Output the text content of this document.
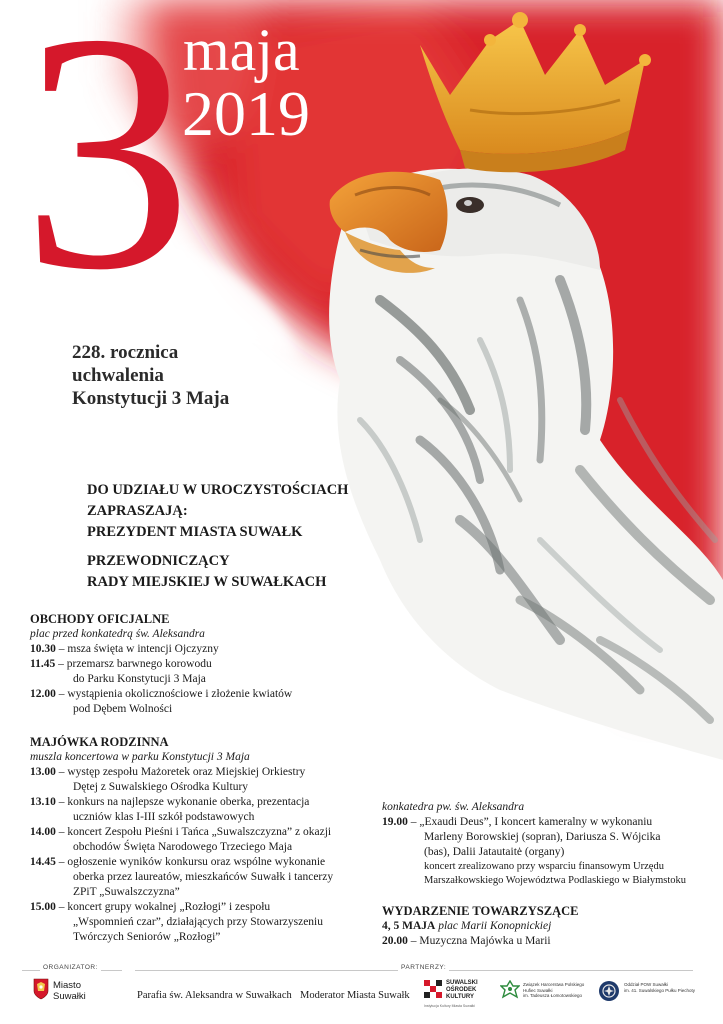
3
maja
2019
228. rocznica
uchwalenia
Konstytucji 3 Maja
DO UDZIAŁU W UROCZYSTOŚCIACH
ZAPRASZAJĄ:
PREZYDENT MIASTA SUWAŁK
PRZEWODNICZĄCY
RADY MIEJSKIEJ W SUWAŁKACH
OBCHODY OFICJALNE
plac przed konkatedrą św. Aleksandra
10.30 – msza święta w intencji Ojczyzny
11.45 – przemarsz barwnego korowodu
do Parku Konstytucji 3 Maja
12.00 – wystąpienia okolicznościowe i złożenie kwiatów
pod Dębem Wolności
MAJÓWKA RODZINNA
muszla koncertowa w parku Konstytucji 3 Maja
13.00 – występ zespołu Mażoretek oraz Miejskiej Orkiestry
Dętej z Suwalskiego Ośrodka Kultury
13.10 – konkurs na najlepsze wykonanie oberka, prezentacja
uczniów klas I-III szkół podstawowych
14.00 – koncert Zespołu Pieśni i Tańca „Suwalszczyzna” z okazji
obchodów Święta Narodowego Trzeciego Maja
14.45 – ogłoszenie wyników konkursu oraz wspólne wykonanie
oberka przez laureatów, mieszkańców Suwałk i tancerzy
ZPiT „Suwalszczyzna”
15.00 – koncert grupy wokalnej „Rozłogi” i zespołu
„Wspomnień czar”, działających przy Stowarzyszeniu
Twórczych Seniorów „Rozłogi”
konkatedra pw. św. Aleksandra
19.00 – „Exaudi Deus”, I koncert kameralny w wykonaniu
Marleny Borowskiej (sopran), Dariusza S. Wójcika
(bas), Dalii Jatautaitė (organy)
koncert zrealizowano przy wsparciu finansowym Urzędu
Marszałkowskiego Województwa Podlaskiego w Białymstoku
WYDARZENIE TOWARZYSZĄCE
4, 5 MAJA plac Marii Konopnickiej
20.00 – Muzyczna Majówka u Marii
ORGANIZATOR:	PARTNERZY:
Miasto
Suwałki	Parafia św. Aleksandra w Suwałkach Moderator Miasta Suwałk
SUWALSKI
OŚRODEK
KULTURY
Instytucja Kultury Miasta Suwałki
Związek Harcerstwa Polskiego
Hufiec Suwałki
im. Tadeusza Łomotowskiego
Oddział POW Suwałki
im. 41. Suwalskiego Pułku Piechoty
